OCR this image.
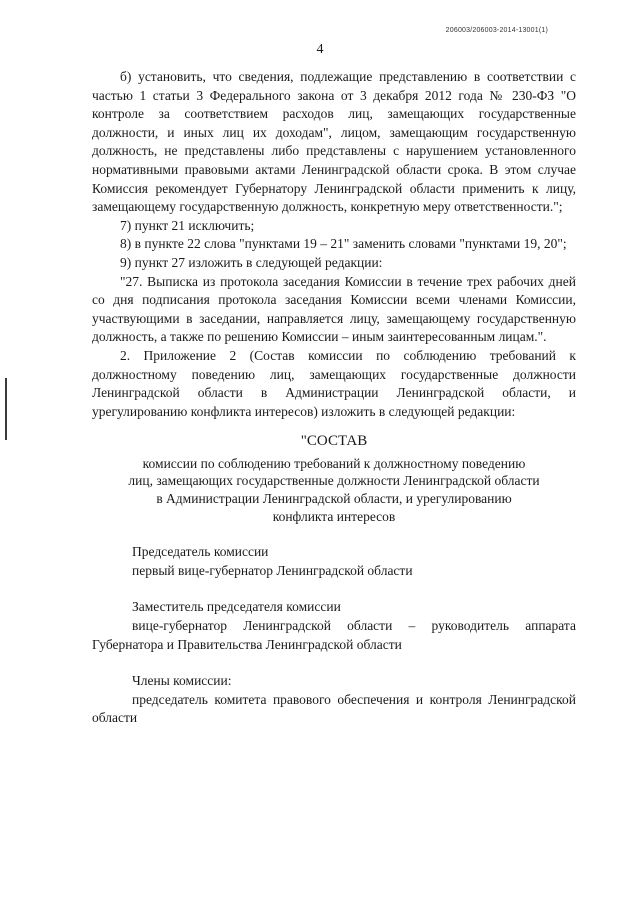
206003/206003-2014-13001(1)
4

б) установить, что сведения, подлежащие представлению в соответствии с частью 1 статьи 3 Федерального закона от 3 декабря 2012 года № 230-ФЗ "О контроле за соответствием расходов лиц, замещающих государственные должности, и иных лиц их доходам", лицом, замещающим государственную должность, не представлены либо представлены с нарушением установленного нормативными правовыми актами Ленинградской области срока. В этом случае Комиссия рекомендует Губернатору Ленинградской области применить к лицу, замещающему государственную должность, конкретную меру ответственности.";

7) пункт 21 исключить;

8) в пункте 22 слова "пунктами 19 – 21" заменить словами "пунктами 19, 20";

9) пункт 27 изложить в следующей редакции:

"27. Выписка из протокола заседания Комиссии в течение трех рабочих дней со дня подписания протокола заседания Комиссии всеми членами Комиссии, участвующими в заседании, направляется лицу, замещающему государственную должность, а также по решению Комиссии – иным заинтересованным лицам.".

2. Приложение 2 (Состав комиссии по соблюдению требований к должностному поведению лиц, замещающих государственные должности Ленинградской области в Администрации Ленинградской области, и урегулированию конфликта интересов) изложить в следующей редакции:

"СОСТАВ
комиссии по соблюдению требований к должностному поведению
лиц, замещающих государственные должности Ленинградской области
в Администрации Ленинградской области, и урегулированию
конфликта интересов
Председатель комиссии
первый вице-губернатор Ленинградской области
Заместитель председателя комиссии
вице-губернатор Ленинградской области – руководитель аппарата Губернатора и Правительства Ленинградской области
Члены комиссии:
председатель комитета правового обеспечения и контроля Ленинградской области
